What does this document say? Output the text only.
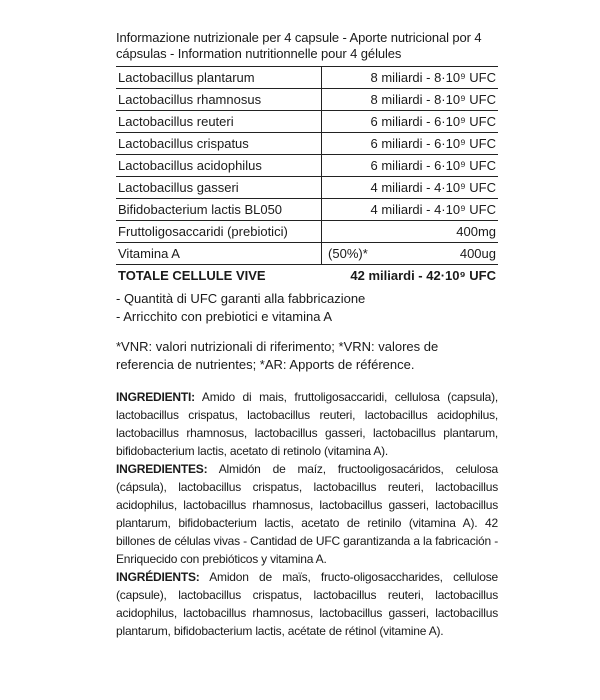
Informazione nutrizionale per 4 capsule - Aporte nutricional por 4 cápsulas - Information nutritionnelle pour 4 gélules
Lactobacillus plantarum	8 miliardi - 8·10⁹ UFC
Lactobacillus rhamnosus	8 miliardi - 8·10⁹ UFC
Lactobacillus reuteri	6 miliardi - 6·10⁹ UFC
Lactobacillus crispatus	6 miliardi - 6·10⁹ UFC
Lactobacillus acidophilus	6 miliardi - 6·10⁹ UFC
Lactobacillus gasseri	4 miliardi - 4·10⁹ UFC
Bifidobacterium lactis BL050	4 miliardi - 4·10⁹ UFC
Fruttoligosaccaridi (prebiotici)	400mg
Vitamina A	(50%)* 400ug
TOTALE CELLULE VIVE	42 miliardi - 42·10⁹ UFC
- Quantità di UFC garanti alla fabbricazione
- Arricchito con prebiotici e vitamina A
*VNR: valori nutrizionali di riferimento; *VRN: valores de referencia de nutrientes; *AR: Apports de référence.

INGREDIENTI: Amido di mais, fruttoligosaccaridi, cellulosa (capsula), lactobacillus crispatus, lactobacillus reuteri, lactobacillus acidophilus, lactobacillus rhamnosus, lactobacillus gasseri, lactobacillus plantarum, bifidobacterium lactis, acetato di retinolo (vitamina A).

INGREDIENTES: Almidón de maíz, fructooligosacáridos, celulosa (cápsula), lactobacillus crispatus, lactobacillus reuteri, lactobacillus acidophilus, lactobacillus rhamnosus, lactobacillus gasseri, lactobacillus plantarum, bifidobacterium lactis, acetato de retinilo (vitamina A). 42 billones de células vivas - Cantidad de UFC garantizanda a la fabricación - Enriquecido con prebióticos y vitamina A.

INGRÉDIENTS: Amidon de maïs, fructo-oligosaccharides, cellulose (capsule), lactobacillus crispatus, lactobacillus reuteri, lactobacillus acidophilus, lactobacillus rhamnosus, lactobacillus gasseri, lactobacillus plantarum, bifidobacterium lactis, acétate de rétinol (vitamine A).
